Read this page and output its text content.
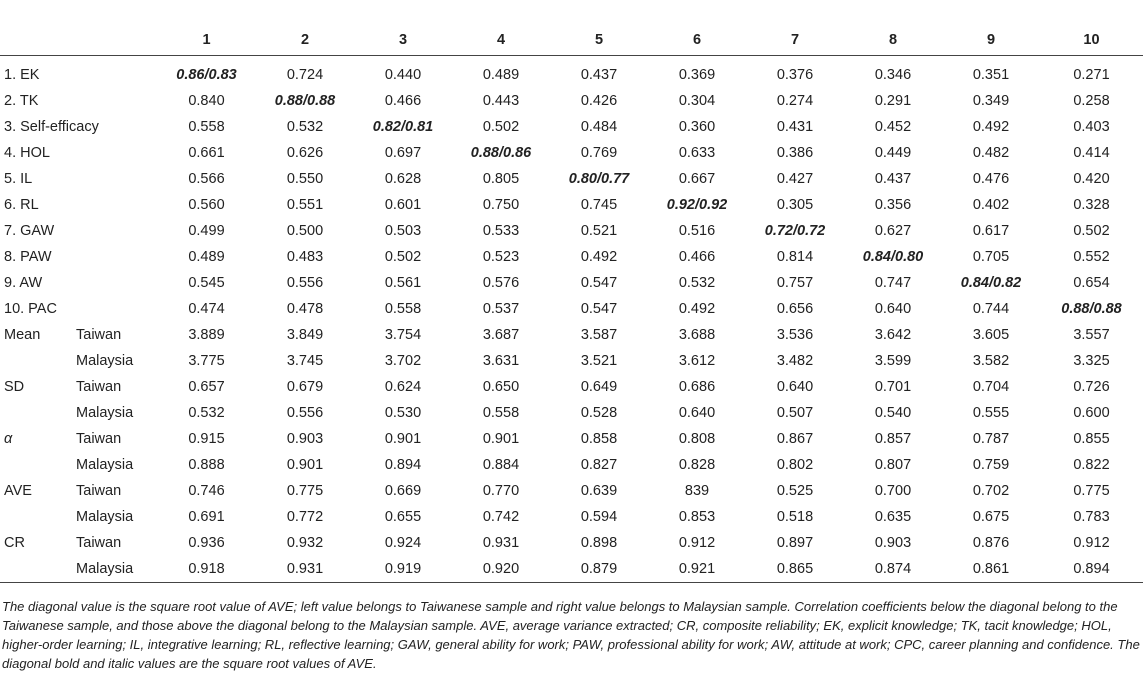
		1	2	3	4	5	6	7	8	9	10
1. EK		0.86/0.83	0.724	0.440	0.489	0.437	0.369	0.376	0.346	0.351	0.271
2. TK		0.840	0.88/0.88	0.466	0.443	0.426	0.304	0.274	0.291	0.349	0.258
3. Self-efficacy		0.558	0.532	0.82/0.81	0.502	0.484	0.360	0.431	0.452	0.492	0.403
4. HOL		0.661	0.626	0.697	0.88/0.86	0.769	0.633	0.386	0.449	0.482	0.414
5. IL		0.566	0.550	0.628	0.805	0.80/0.77	0.667	0.427	0.437	0.476	0.420
6. RL		0.560	0.551	0.601	0.750	0.745	0.92/0.92	0.305	0.356	0.402	0.328
7. GAW		0.499	0.500	0.503	0.533	0.521	0.516	0.72/0.72	0.627	0.617	0.502
8. PAW		0.489	0.483	0.502	0.523	0.492	0.466	0.814	0.84/0.80	0.705	0.552
9. AW		0.545	0.556	0.561	0.576	0.547	0.532	0.757	0.747	0.84/0.82	0.654
10. PAC		0.474	0.478	0.558	0.537	0.547	0.492	0.656	0.640	0.744	0.88/0.88
Mean	Taiwan	3.889	3.849	3.754	3.687	3.587	3.688	3.536	3.642	3.605	3.557
	Malaysia	3.775	3.745	3.702	3.631	3.521	3.612	3.482	3.599	3.582	3.325
SD	Taiwan	0.657	0.679	0.624	0.650	0.649	0.686	0.640	0.701	0.704	0.726
	Malaysia	0.532	0.556	0.530	0.558	0.528	0.640	0.507	0.540	0.555	0.600
α	Taiwan	0.915	0.903	0.901	0.901	0.858	0.808	0.867	0.857	0.787	0.855
	Malaysia	0.888	0.901	0.894	0.884	0.827	0.828	0.802	0.807	0.759	0.822
AVE	Taiwan	0.746	0.775	0.669	0.770	0.639	839	0.525	0.700	0.702	0.775
	Malaysia	0.691	0.772	0.655	0.742	0.594	0.853	0.518	0.635	0.675	0.783
CR	Taiwan	0.936	0.932	0.924	0.931	0.898	0.912	0.897	0.903	0.876	0.912
	Malaysia	0.918	0.931	0.919	0.920	0.879	0.921	0.865	0.874	0.861	0.894

The diagonal value is the square root value of AVE; left value belongs to Taiwanese sample and right value belongs to Malaysian sample. Correlation coefficients below the diagonal belong to the Taiwanese sample, and those above the diagonal belong to the Malaysian sample. AVE, average variance extracted; CR, composite reliability; EK, explicit knowledge; TK, tacit knowledge; HOL, higher-order learning; IL, integrative learning; RL, reflective learning; GAW, general ability for work; PAW, professional ability for work; AW, attitude at work; CPC, career planning and confidence. The diagonal bold and italic values are the square root values of AVE.
